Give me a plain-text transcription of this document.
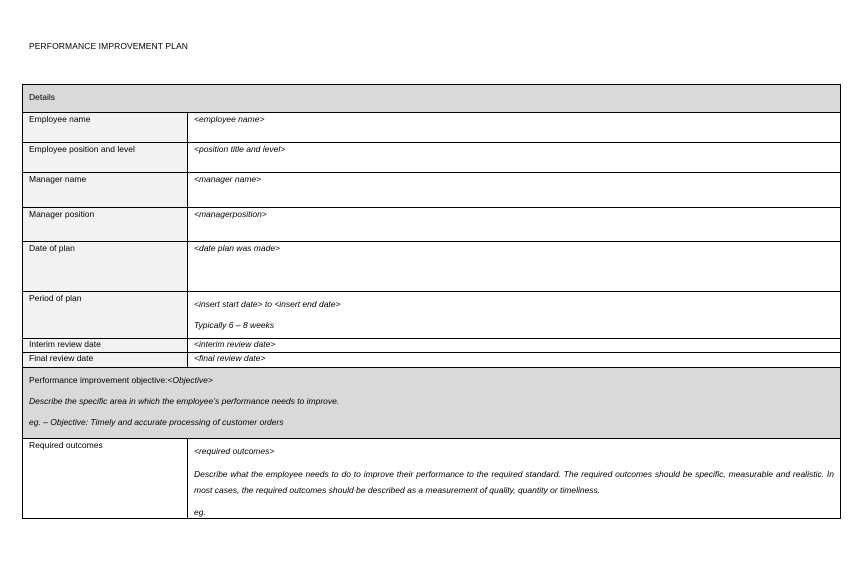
PERFORMANCE IMPROVEMENT PLAN
Details	
Employee name	<employee name>
Employee position and level	<position title and level>
Manager name	<manager name>
Manager position	<managerposition>
Date of plan	<date plan was made>
Period of plan	<insert start date> to <insert end date>
Typically 6 – 8 weeks

Interim review date	<interim review date>
Final review date	<final review date>

Performance improvement objective:<Objective>
Describe the specific area in which the employee’s performance needs to improve.
eg. – Objective: Timely and accurate processing of customer orders	

Required outcomes	<required outcomes>
Describe what the employee needs to do to improve their performance to the required standard. The required outcomes should be specific, measurable and realistic. In most cases, the required outcomes should be described as a measurement of quality, quantity or timeliness.
eg.
